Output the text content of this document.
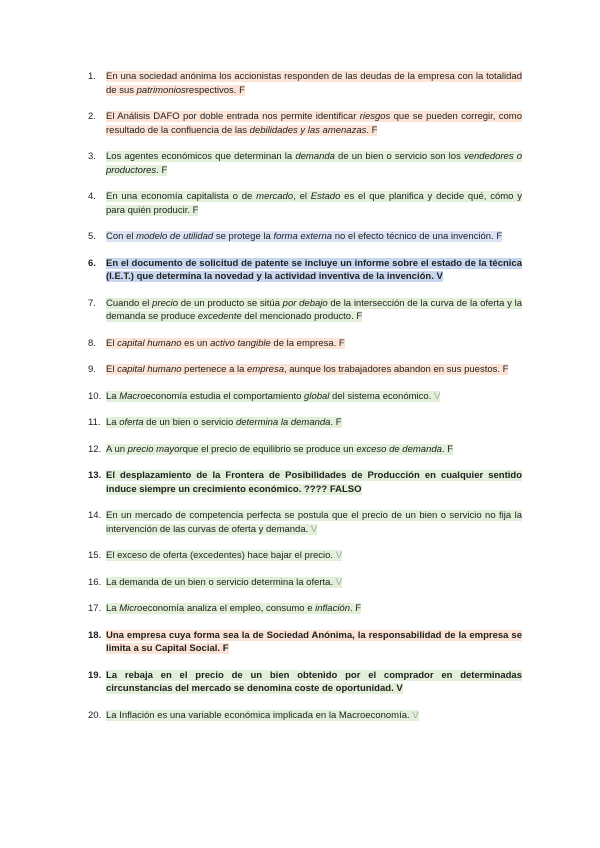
1. En una sociedad anónima los accionistas responden de las deudas de la empresa con la totalidad de sus patrimoniosrespectivos. F
2. El Análisis DAFO por doble entrada nos permite identificar riesgos que se pueden corregir, como resultado de la confluencia de las debilidades y las amenazas. F
3. Los agentes económicos que determinan la demanda de un bien o servicio son los vendedores o productores. F
4. En una economía capitalista o de mercado, el Estado es el que planifica y decide qué, cómo y para quién producir. F
5. Con el modelo de utilidad se protege la forma externa no el efecto técnico de una invención. F
6. En el documento de solicitud de patente se incluye un informe sobre el estado de la técnica (I.E.T.) que determina la novedad y la actividad inventiva de la invención. V
7. Cuando el precio de un producto se sitúa por debajo de la intersección de la curva de la oferta y la demanda se produce excedente del mencionado producto. F
8. El capital humano es un activo tangible de la empresa. F
9. El capital humano pertenece a la empresa, aunque los trabajadores abandon en sus puestos. F
10. La Macroeconomía estudia el comportamiento global del sistema económico. V
11. La oferta de un bien o servicio determina la demanda. F
12. A un precio mayorque el precio de equilibrio se produce un exceso de demanda. F
13. El desplazamiento de la Frontera de Posibilidades de Producción en cualquier sentido induce siempre un crecimiento económico. ???? FALSO
14. En un mercado de competencia perfecta se postula que el precio de un bien o servicio no fija la intervención de las curvas de oferta y demanda. V
15. El exceso de oferta (excedentes) hace bajar el precio. V
16. La demanda de un bien o servicio determina la oferta. V
17. La Microeconomía analiza el empleo, consumo e inflación. F
18. Una empresa cuya forma sea la de Sociedad Anónima, la responsabilidad de la empresa se limita a su Capital Social. F
19. La rebaja en el precio de un bien obtenido por el comprador en determinadas circunstancias del mercado se denomina coste de oportunidad. V
20. La Inflación es una variable económica implicada en la Macroeconomía. V
